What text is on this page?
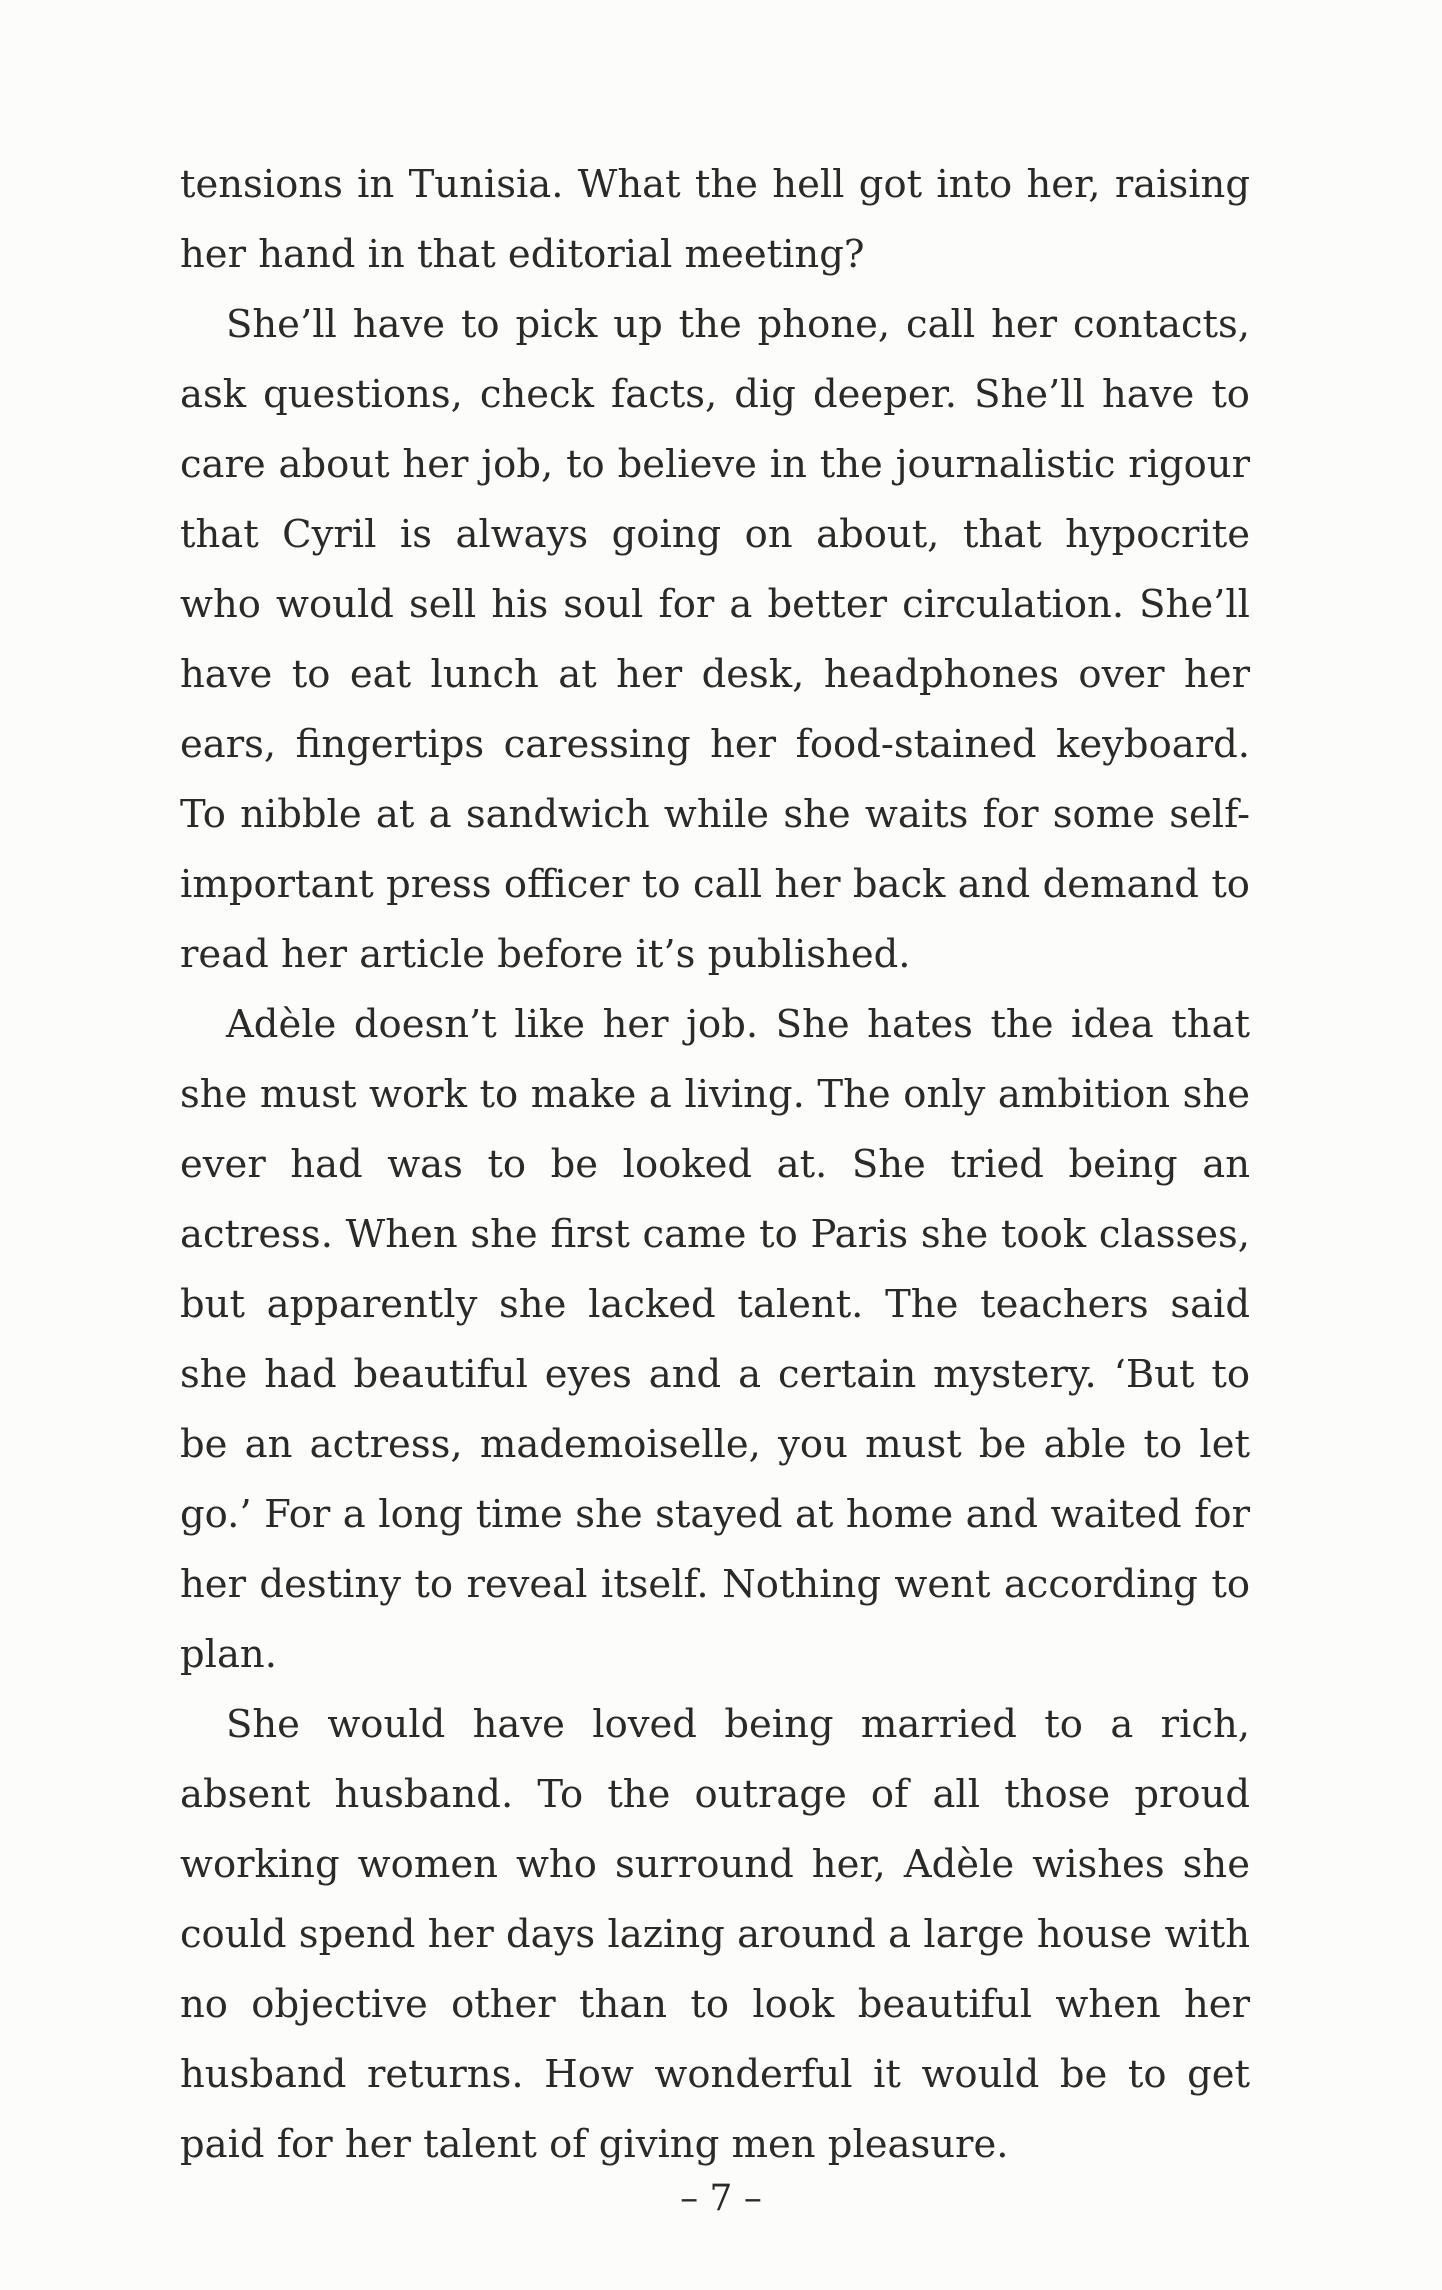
tensions in Tunisia. What the hell got into her, raising her hand in that editorial meeting?

She’ll have to pick up the phone, call her contacts, ask questions, check facts, dig deeper. She’ll have to care about her job, to believe in the journalistic rigour that Cyril is always going on about, that hypocrite who would sell his soul for a better circulation. She’ll have to eat lunch at her desk, headphones over her ears, fingertips caressing her food-stained keyboard. To nibble at a sandwich while she waits for some self-important press officer to call her back and demand to read her article before it’s published.

Adèle doesn’t like her job. She hates the idea that she must work to make a living. The only ambition she ever had was to be looked at. She tried being an actress. When she first came to Paris she took classes, but apparently she lacked talent. The teachers said she had beautiful eyes and a certain mystery. ‘But to be an actress, mademoiselle, you must be able to let go.’ For a long time she stayed at home and waited for her destiny to reveal itself. Nothing went according to plan.

She would have loved being married to a rich, absent husband. To the outrage of all those proud working women who surround her, Adèle wishes she could spend her days lazing around a large house with no objective other than to look beautiful when her husband returns. How wonderful it would be to get paid for her talent of giving men pleasure.

– 7 –
